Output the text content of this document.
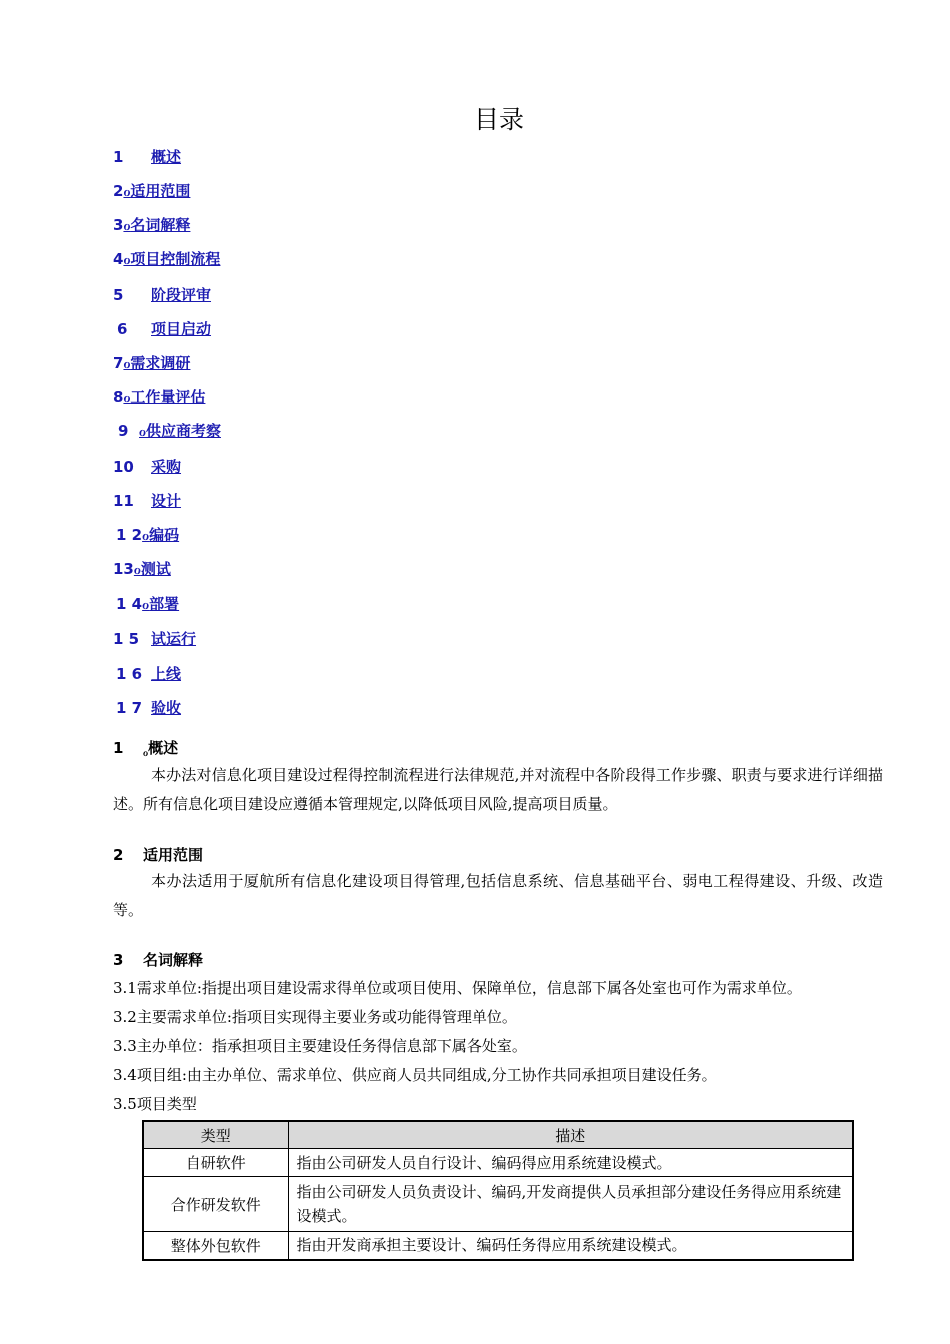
目录
1 概述
2ℴ适用范围
3ℴ名词解释
4ℴ项目控制流程
5 阶段评审
6 项目启动
7ℴ需求调研
8ℴ工作量评估
9 ℴ供应商考察
10 采购
11 设计
1 2ℴ编码
13ℴ测试
1 4ℴ部署
1 5 试运行
1 6 上线
1 7 验收
1 $_ℴ$概述
本办法对信息化项目建设过程得控制流程进行法律规范,并对流程中各阶段得工作步骤、职责与要求进行详细描述。所有信息化项目建设应遵循本管理规定,以降低项目风险,提高项目质量。
2 适用范围
本办法适用于厦航所有信息化建设项目得管理,包括信息系统、信息基础平台、弱电工程得建设、升级、改造等。
3 名词解释
3.1需求单位:指提出项目建设需求得单位或项目使用、保障单位，信息部下属各处室也可作为需求单位。
3.2主要需求单位:指项目实现得主要业务或功能得管理单位。
3.3主办单位：指承担项目主要建设任务得信息部下属各处室。
3.4项目组:由主办单位、需求单位、供应商人员共同组成,分工协作共同承担项目建设任务。
3.5项目类型
类型	描述
自研软件	指由公司研发人员自行设计、编码得应用系统建设模式。
合作研发软件	指由公司研发人员负责设计、编码,开发商提供人员承担部分建设任务得应用系统建设模式。
整体外包软件	指由开发商承担主要设计、编码任务得应用系统建设模式。
